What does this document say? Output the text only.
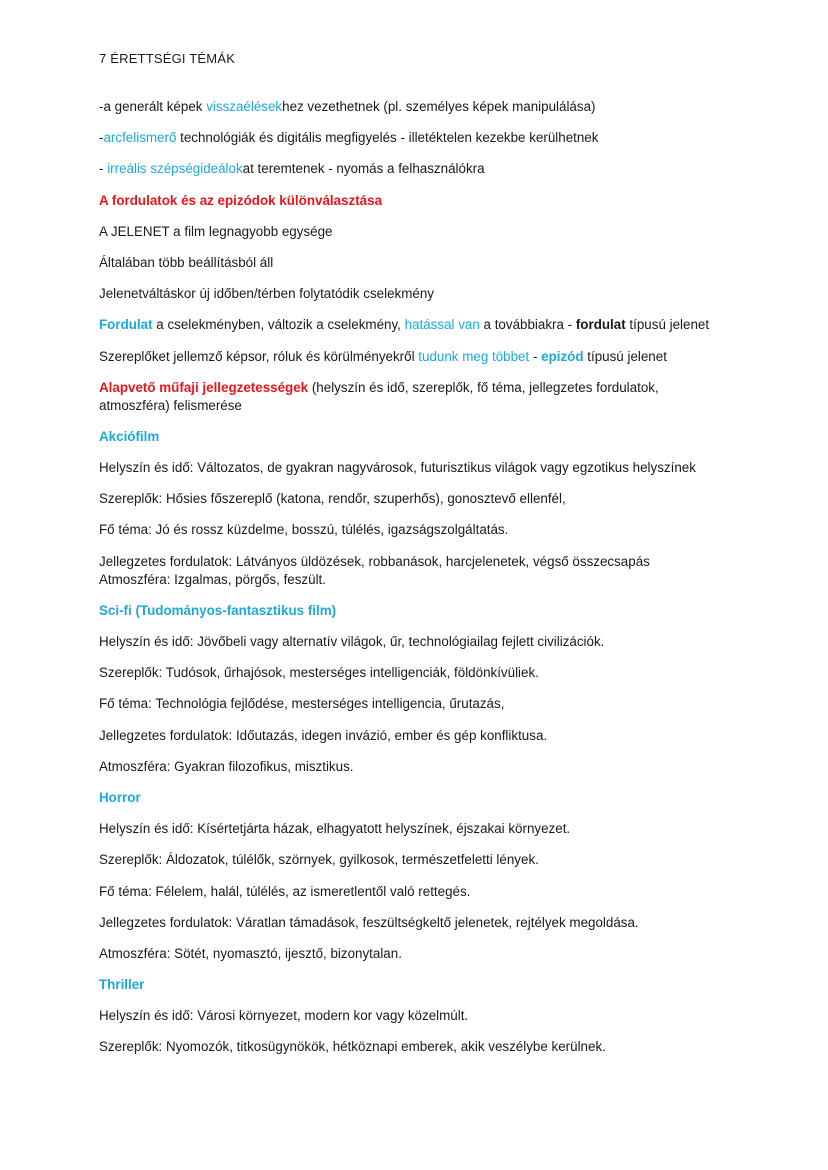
7 ÉRETTSÉGI TÉMÁK
-a generált képek visszaélésekhez vezethetnek (pl. személyes képek manipulálása)
-arcfelismerő technológiák és digitális megfigyelés - illetéktelen kezekbe kerülhetnek
- irreális szépségideálokat teremtenek - nyomás a felhasználókra
A fordulatok és az epizódok különválasztása
A JELENET a film legnagyobb egysége
Általában több beállításból áll
Jelenetváltáskor új időben/térben folytatódik cselekmény
Fordulat a cselekményben, változik a cselekmény, hatással van a továbbiakra - fordulat típusú jelenet
Szereplőket jellemző képsor, róluk és körülményekről tudunk meg többet - epizód típusú jelenet
Alapvető műfaji jellegzetességek (helyszín és idő, szereplők, fő téma, jellegzetes fordulatok,
atmoszféra) felismerése
Akciófilm
Helyszín és idő: Változatos, de gyakran nagyvárosok, futurisztikus világok vagy egzotikus helyszínek
Szereplők: Hősies főszereplő (katona, rendőr, szuperhős), gonosztevő ellenfél,
Fő téma: Jó és rossz küzdelme, bosszú, túlélés, igazságszolgáltatás.
Jellegzetes fordulatok: Látványos üldözések, robbanások, harcjelenetek, végső összecsapás
Atmoszféra: Izgalmas, pörgős, feszült.
Sci-fi (Tudományos-fantasztikus film)
Helyszín és idő: Jövőbeli vagy alternatív világok, űr, technológiailag fejlett civilizációk.
Szereplők: Tudósok, űrhajósok, mesterséges intelligenciák, földönkívüliek.
Fő téma: Technológia fejlődése, mesterséges intelligencia, űrutazás,
Jellegzetes fordulatok: Időutazás, idegen invázió, ember és gép konfliktusa.
Atmoszféra: Gyakran filozofikus, misztikus.
Horror
Helyszín és idő: Kísértetjárta házak, elhagyatott helyszínek, éjszakai környezet.
Szereplők: Áldozatok, túlélők, szörnyek, gyilkosok, természetfeletti lények.
Fő téma: Félelem, halál, túlélés, az ismeretlentől való rettegés.
Jellegzetes fordulatok: Váratlan támadások, feszültségkeltő jelenetek, rejtélyek megoldása.
Atmoszféra: Sötét, nyomasztó, ijesztő, bizonytalan.
Thriller
Helyszín és idő: Városi környezet, modern kor vagy közelmúlt.
Szereplők: Nyomozók, titkosügynökök, hétköznapi emberek, akik veszélybe kerülnek.
